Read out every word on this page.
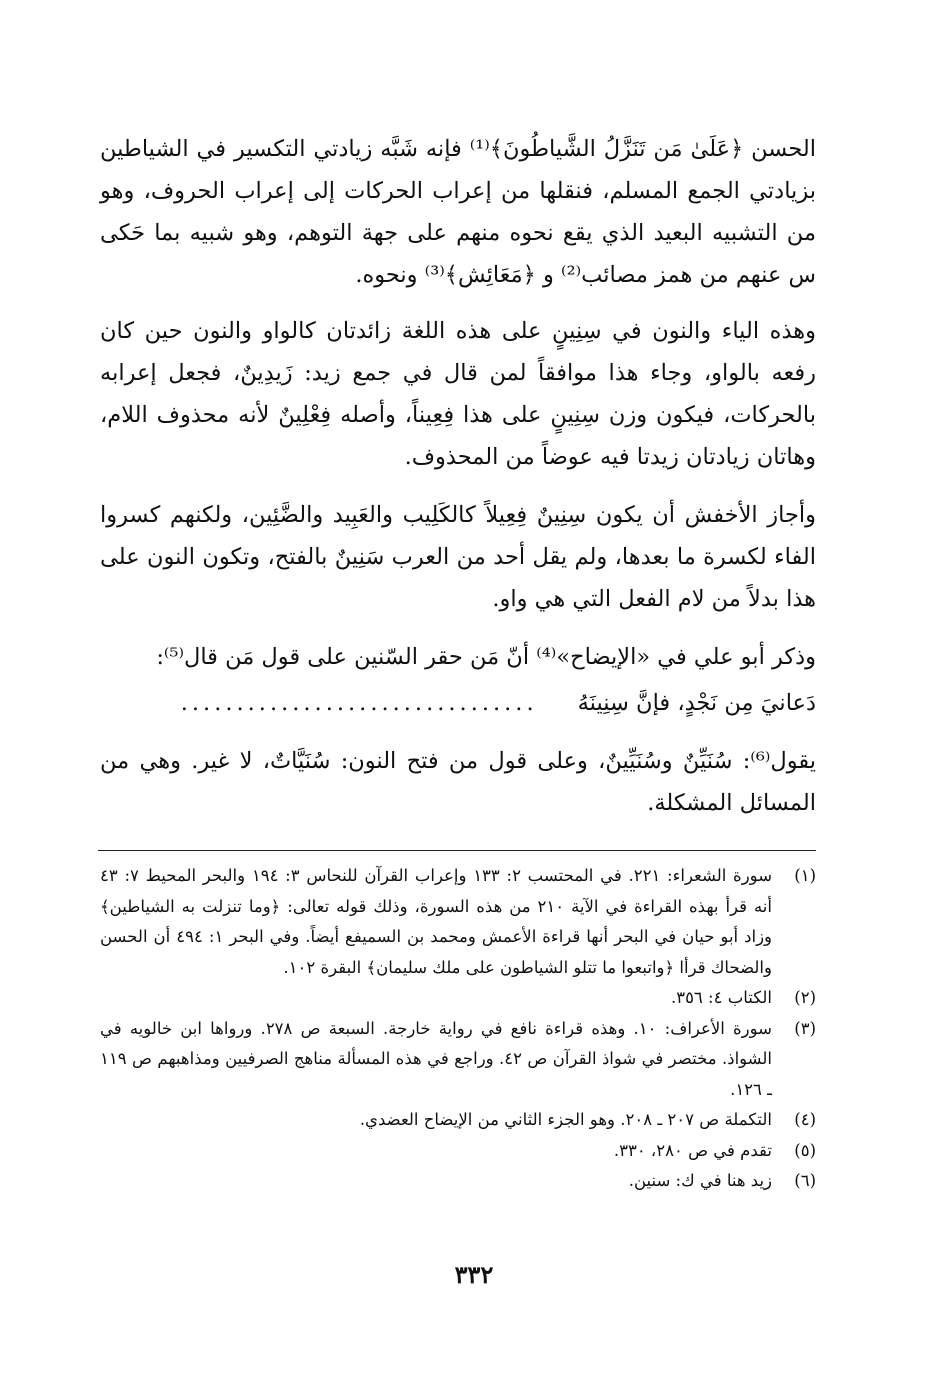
الحسن ﴿عَلَىٰ مَن تَنَزَّلُ الشَّياطُونَ﴾⁽¹⁾ فإنه شَبَّه زيادتي التكسير في الشياطين بزيادتي الجمع المسلم، فنقلها من إعراب الحركات إلى إعراب الحروف، وهو من التشبيه البعيد الذي يقع نحوه منهم على جهة التوهم، وهو شبيه بما حَكى س عنهم من همز مصائب⁽²⁾ و ﴿مَعَائِش﴾⁽³⁾ ونحوه.

وهذه الياء والنون في سِنِينٍ على هذه اللغة زائدتان كالواو والنون حين كان رفعه بالواو، وجاء هذا موافقاً لمن قال في جمع زيد: زَيدِينٌ، فجعل إعرابه بالحركات، فيكون وزن سِنِينٍ على هذا فِعِيناً، وأصله فِعْلِينٌ لأنه محذوف اللام، وهاتان زيادتان زيدتا فيه عوضاً من المحذوف.

وأجاز الأخفش أن يكون سِنِينٌ فِعِيلاً كالكَلِيب والعَبِيد والضَّئِين، ولكنهم كسروا الفاء لكسرة ما بعدها، ولم يقل أحد من العرب سَنِينٌ بالفتح، وتكون النون على هذا بدلاً من لام الفعل التي هي واو.

وذكر أبو علي في «الإيضاح»⁽⁴⁾ أنّ مَن حقر السّنين على قول مَن قال⁽⁵⁾:

دَعانيَ مِن نَجْدٍ، فإنَّ سِنِينَهُ
................................

يقول⁽⁶⁾: سُنَيِّنٌ وسُنَيِّينٌ، وعلى قول من فتح النون: سُنَيَّاتٌ، لا غير. وهي من المسائل المشكلة.

(١)
سورة الشعراء: ٢٢١. في المحتسب ٢: ١٣٣ وإعراب القرآن للنحاس ٣: ١٩٤ والبحر المحيط ٧: ٤٣ أنه قرأ بهذه القراءة في الآية ٢١٠ من هذه السورة، وذلك قوله تعالى: ﴿وما تنزلت به الشياطين﴾ وزاد أبو حيان في البحر أنها قراءة الأعمش ومحمد بن السميفع أيضاً. وفي البحر ١: ٤٩٤ أن الحسن والضحاك قرأا ﴿واتبعوا ما تتلو الشياطون على ملك سليمان﴾ البقرة ١٠٢.
(٢)
الكتاب ٤: ٣٥٦.
(٣)
سورة الأعراف: ١٠. وهذه قراءة نافع في رواية خارجة. السبعة ص ٢٧٨. ورواها ابن خالويه في الشواذ. مختصر في شواذ القرآن ص ٤٢. وراجع في هذه المسألة مناهج الصرفيين ومذاهبهم ص ١١٩ ـ ١٢٦.
(٤)
التكملة ص ٢٠٧ ـ ٢٠٨. وهو الجزء الثاني من الإيضاح العضدي.
(٥)
تقدم في ص ٢٨٠، ٣٣٠.
(٦)
زيد هنا في ك: سنين.
٣٣٢
